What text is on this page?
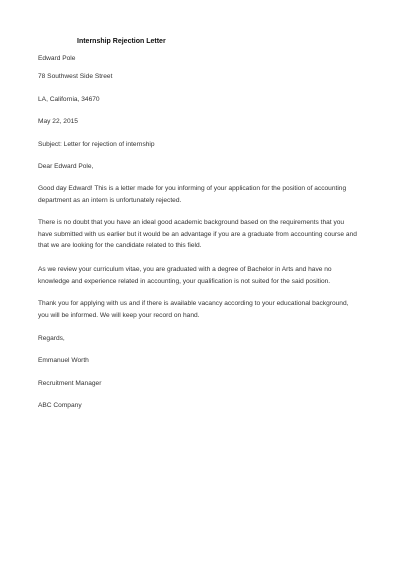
Internship Rejection Letter
Edward Pole
78 Southwest Side Street
LA, California, 34670
May 22, 2015
Subject: Letter for rejection of internship
Dear Edward Pole,
Good day Edward! This is a letter made for you informing of your application for the position of accounting
department as an intern is unfortunately rejected.
There is no doubt that you have an ideal good academic background based on the requirements that you
have submitted with us earlier but it would be an advantage if you are a graduate from accounting course and
that we are looking for the candidate related to this field.
As we review your curriculum vitae, you are graduated with a degree of Bachelor in Arts and have no
knowledge and experience related in accounting, your qualification is not suited for the said position.
Thank you for applying with us and if there is available vacancy according to your educational background,
you will be informed. We will keep your record on hand.
Regards,
Emmanuel Worth
Recruitment Manager
ABC Company
